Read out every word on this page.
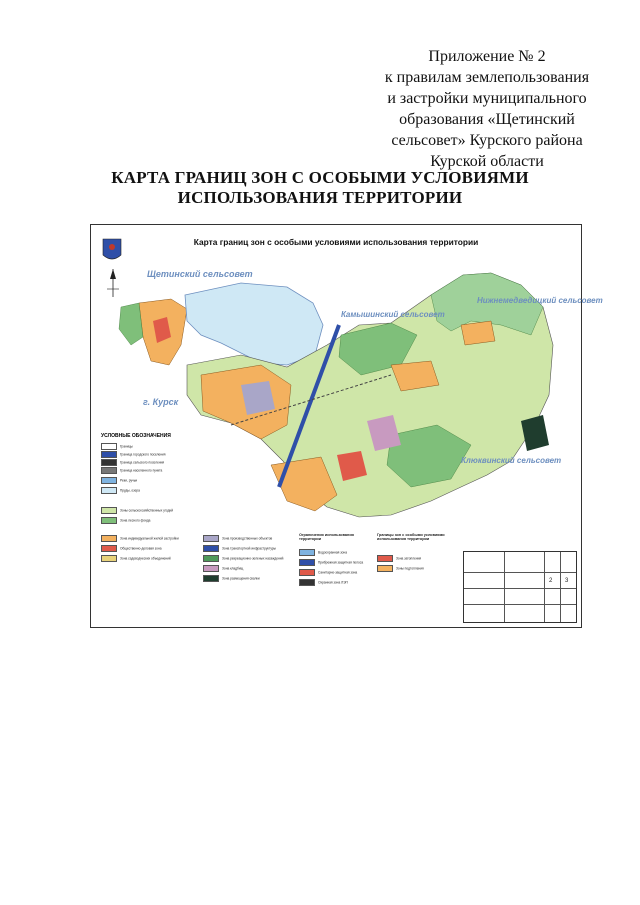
Приложение № 2
к правилам землепользования
и застройки муниципального
образования «Щетинский
сельсовет» Курского района
Курской области
КАРТА ГРАНИЦ ЗОН С ОСОБЫМИ УСЛОВИЯМИ
ИСПОЛЬЗОВАНИЯ ТЕРРИТОРИИ
Щетинский сельсовет
Нижнемедведицкий сельсовет
Камышинский сельсовет
г. Курск
Клюквинский сельсовет
Карта границ зон с особыми условиями использования территории
УСЛОВНЫЕ ОБОЗНАЧЕНИЯ
Границы
Граница городского поселения
Граница сельского поселения
Граница населенного пункта
Реки, ручьи
Пруды, озера
Зоны сельскохозяйственных угодий
Зона лесного фонда
Зона индивидуальной жилой застройки
Общественно-деловая зона
Зона садоводческих объединений
Зона производственных объектов
Зона транспортной инфраструктуры
Зона рекреационно-зеленых насаждений
Зона кладбищ
Зона размещения свалки
Ограничения использования территории
Водоохранная зона
Прибрежная защитная полоса
Санитарно-защитная зона
Охранная зона ЛЭП
Границы зон с особыми условиями использования территории
Зона затопления
Зоны подтопления
2 3
